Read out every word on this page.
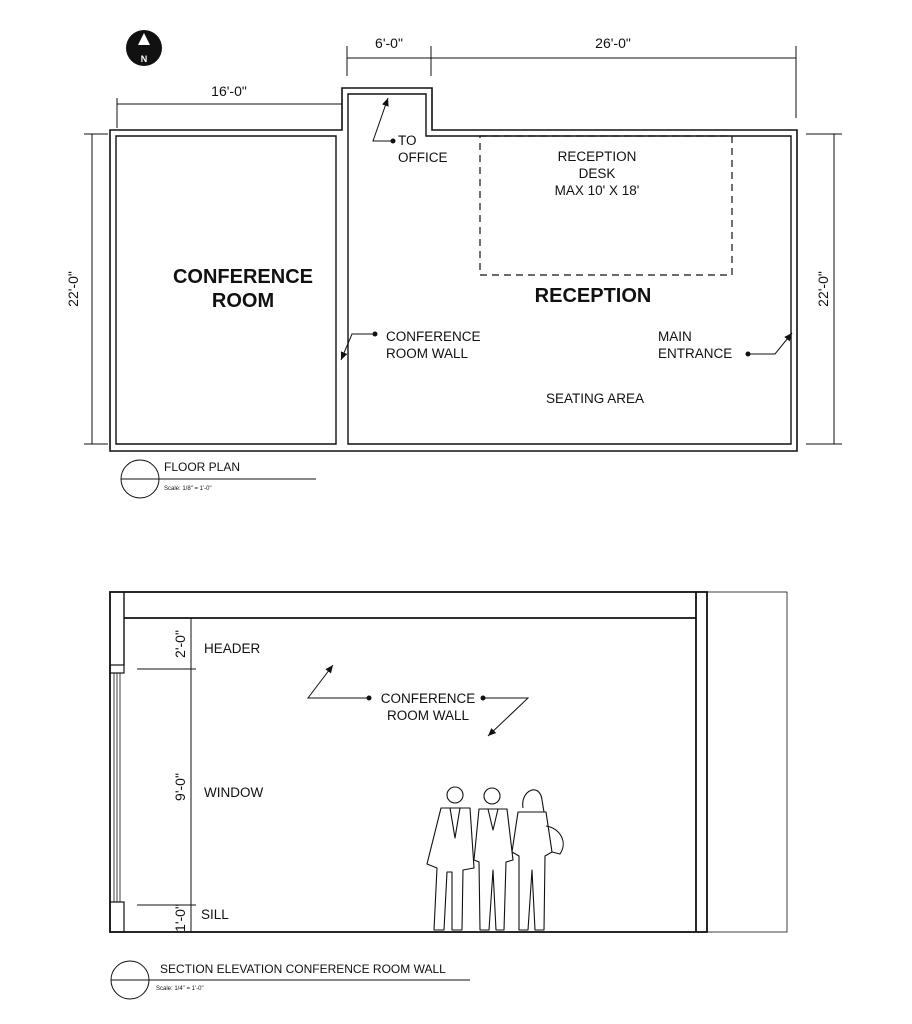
N
16'-0"
6'-0"	26'-0"
22'-0"	22'-0"
CONFERENCE
ROOM	RECEPTION
RECEPTION
DESK
MAX 10' X 18'
TO
OFFICE
CONFERENCE
ROOM WALL
MAIN
ENTRANCE
SEATING AREA
FLOOR PLAN
Scale: 1/8" = 1'-0"
2'-0"
9'-0"
1'-0"
HEADER
WINDOW
SILL
CONFERENCE
ROOM WALL
SECTION ELEVATION CONFERENCE ROOM WALL
Scale: 1/4" = 1'-0"
